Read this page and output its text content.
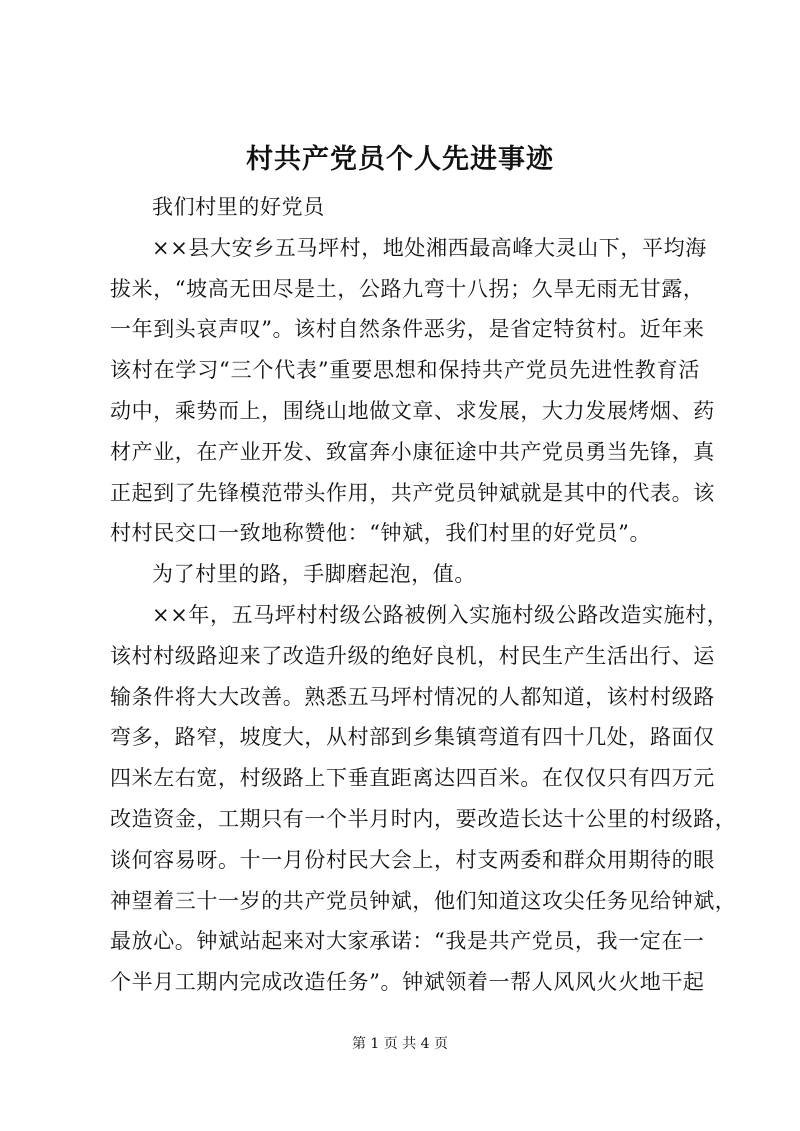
村共产党员个人先进事迹
我们村里的好党员
××县大安乡五马坪村，地处湘西最高峰大灵山下，平均海
拔米，“坡高无田尽是土，公路九弯十八拐；久旱无雨无甘露，
一年到头哀声叹”。该村自然条件恶劣，是省定特贫村。近年来
该村在学习“三个代表”重要思想和保持共产党员先进性教育活
动中，乘势而上，围绕山地做文章、求发展，大力发展烤烟、药
材产业，在产业开发、致富奔小康征途中共产党员勇当先锋，真
正起到了先锋模范带头作用，共产党员钟斌就是其中的代表。该
村村民交口一致地称赞他：“钟斌，我们村里的好党员”。
为了村里的路，手脚磨起泡，值。
××年，五马坪村村级公路被例入实施村级公路改造实施村，
该村村级路迎来了改造升级的绝好良机，村民生产生活出行、运
输条件将大大改善。熟悉五马坪村情况的人都知道，该村村级路
弯多，路窄，坡度大，从村部到乡集镇弯道有四十几处，路面仅
四米左右宽，村级路上下垂直距离达四百米。在仅仅只有四万元
改造资金，工期只有一个半月时内，要改造长达十公里的村级路，
谈何容易呀。十一月份村民大会上，村支两委和群众用期待的眼
神望着三十一岁的共产党员钟斌，他们知道这攻尖任务见给钟斌，
最放心。钟斌站起来对大家承诺：“我是共产党员，我一定在一
个半月工期内完成改造任务”。钟斌领着一帮人风风火火地干起
第 1 页 共 4 页
